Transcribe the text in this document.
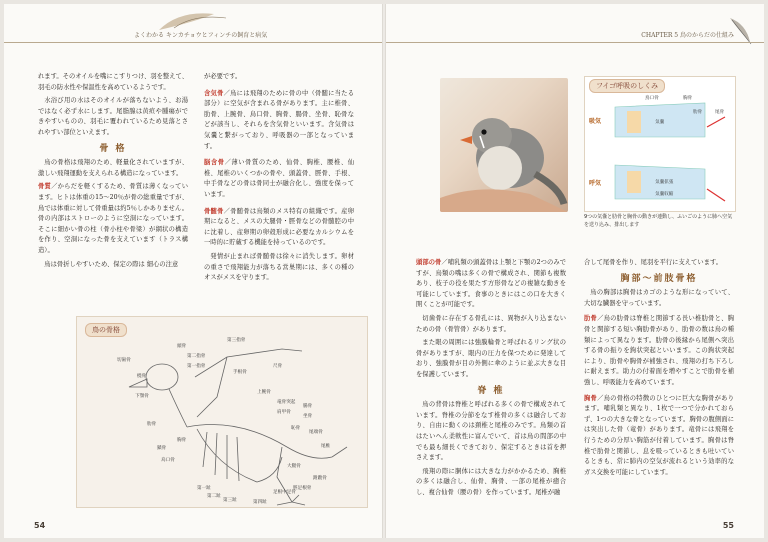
よくわかる キンカチョウとフィンチの飼育と病気

れます。そのオイルを嘴にこすりつけ、羽を整えて、羽毛の防水性や保温性を高めているようです。

水浴び用の水はそのオイルが落ちないよう、お湯ではなく必ず水にします。尾脂腺は黄疸や腫瘍ができやすいものの、羽毛に覆われているため見落とされやすい部位といえます。

骨 格

鳥の骨格は飛翔のため、軽量化されていますが、激しい飛翔運動を支えられる構造になっています。

骨質／からだを軽くするため、骨質は薄くなっています。ヒトは体重の15～20％が骨の総重量ですが、鳥では体重に対して骨重量は約5％しかありません。骨の内部はストローのように空洞になっています。そこに細かい骨の柱（骨小柱や骨梁）が網状の構造を作り、空洞になった骨を支えています（トラス構造）。

鳥は骨折しやすいため、保定の際は 細心の注意

が必要です。

含気骨／鳥には飛翔のために骨の中（骨髄に当たる部分）に空気が含まれる骨があります。主に椎骨、肋骨、上腕骨、烏口骨、胸骨、腸骨、坐骨、恥骨などが該当し、それらを含気骨といいます。含気骨は気嚢と繋がっており、呼吸器の一部となっています。

脳含骨／薄い骨質のため、仙骨、胸椎、腰椎、仙椎、尾椎のいくつかの骨や、頭蓋骨、脛骨、手根、中手骨などの骨は骨同士が融合化し、強度を保っています。

骨髄骨／骨髄骨は鳥類のメス特有の組織です。産卵期になると、メスの大腿骨・脛骨などの骨髄腔の中に沈着し、産卵期の卵殻形成に必要なカルシウムを一時的に貯蔵する機能を持っているのです。

発情が止まれば骨髄骨は徐々に消失します。卵材の重さで飛翔能力が落ちる営巣期には、多くの種のオスがメスを守ります。

鳥の骨格
頭骨
第三指骨
第二指骨
第一指骨
切歯骨
尺骨
手根骨
橈骨
上腕骨
竜骨突起
肩甲骨
坐骨
恥骨
尾端骨
尾椎
第一趾
第二趾
第三趾	第四趾
大腿骨
跗蹠骨
脛足根骨
足根中足骨
胸骨
鎖骨
烏口骨
下顎骨
肋骨
腸骨
54
CHAPTER 5 鳥のからだの仕組み
フイゴ呼吸のしくみ
吸気
呼気
鳥口骨	胸骨
気嚢
肋骨	尾骨
気嚢拡張
気嚢収縮
9つの気嚢と肋骨と胸骨の動きが連動し、ふいごのように肺へ空気を送り込み、排出します

頭部の骨／哺乳類の頭蓋骨は上顎と下顎の2つのみですが、鳥類の嘴は多くの骨で構成され、関節も複数あり、枝子の役を果たす方形骨などの複雑な動きを可能にしています。食事のときにはこの口を大きく開くことが可能です。

切歯骨に存在する骨孔には、異物が入り込まないための骨（骨管骨）があります。

また眼の周囲には強膜輪骨と呼ばれるリング状の骨がありますが、眼内の圧力を保つために発達しており、強膜骨が目の外側に傘のように並ぶ大きな目を保護しています。

脊 椎

鳥の背骨は脊椎と呼ばれる多くの骨で構成されています。脊椎の分節をなす椎骨の多くは融合しており、自由に動くのは頚椎と尾椎のみです。鳥類の首はたいへん柔軟性に富んでいて、首は鳥の間部の中でも最も細長くできており、保定するときは首を押さえます。

飛翔の際に胴体には大きな力がかかるため、胸椎の多くは融合し、仙骨、胸骨、一部の尾椎が癒合し、複合仙骨（腰の骨）を作っています。尾椎が融

合して尾骨を作り、尾羽を平行に支えています。

胸部～前肢骨格

鳥の胸部は胸骨はカゴのような形になっていて、大切な臓器を守っています。

肋骨／鳥の肋骨は脊椎と関節する長い椎肋骨と、胸骨と関節する短い胸肋骨があり、肋骨の数は鳥の種類によって異なります。肋骨の後縁から尾側へ突出する骨の振りを鉤状突起といいます。この鉤状突起により、肋骨や胸骨が補強され、飛翔の打ち下ろしに耐えます。助力の付着面を増やすことで肋骨を補強し、呼吸能力を高めています。

胸骨／鳥の骨格の特徴のひとつに巨大な胸骨があります。哺乳類と異なり、1枚で一つで分かれておらず、1つの大きな骨となっています。胸骨の腹側面には突出した骨（竜骨）があります。竜骨には飛翔を行うための分厚い胸筋が付着しています。胸骨は脊椎で肋骨と関節し、息を吸っているときも吐いているときも、常に肺内の空気が流れるという効率的なガス交換を可能にしています。

55
